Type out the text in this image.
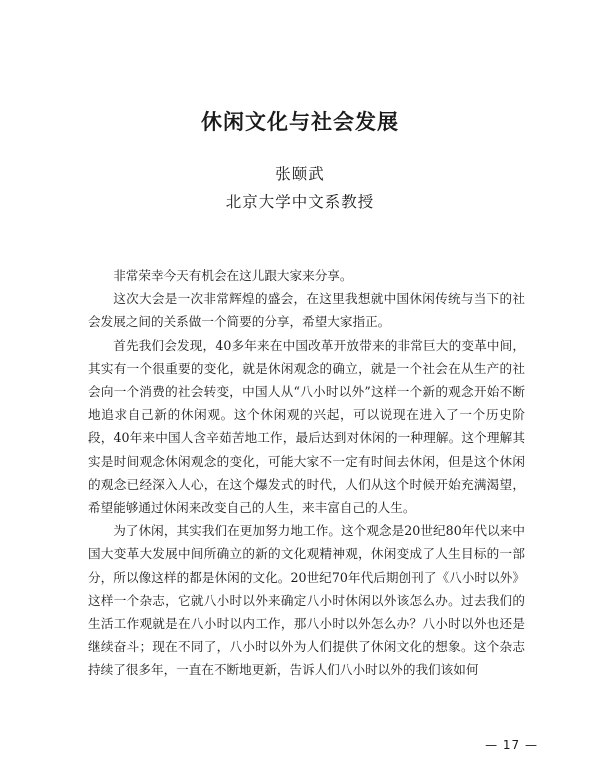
休闲文化与社会发展
张颐武
北京大学中文系教授

非常荣幸今天有机会在这儿跟大家来分享。

这次大会是一次非常辉煌的盛会，在这里我想就中国休闲传统与当下的社会发展之间的关系做一个简要的分享，希望大家指正。

首先我们会发现，40多年来在中国改革开放带来的非常巨大的变革中间，其实有一个很重要的变化，就是休闲观念的确立，就是一个社会在从生产的社会向一个消费的社会转变，中国人从“八小时以外”这样一个新的观念开始不断地追求自己新的休闲观。这个休闲观的兴起，可以说现在进入了一个历史阶段，40年来中国人含辛茹苦地工作，最后达到对休闲的一种理解。这个理解其实是时间观念休闲观念的变化，可能大家不一定有时间去休闲，但是这个休闲的观念已经深入人心，在这个爆发式的时代，人们从这个时候开始充满渴望，希望能够通过休闲来改变自己的人生，来丰富自己的人生。

为了休闲，其实我们在更加努力地工作。这个观念是20世纪80年代以来中国大变革大发展中间所确立的新的文化观精神观，休闲变成了人生目标的一部分，所以像这样的都是休闲的文化。20世纪70年代后期创刊了《八小时以外》这样一个杂志，它就八小时以外来确定八小时休闲以外该怎么办。过去我们的生活工作观就是在八小时以内工作，那八小时以外怎么办？八小时以外也还是继续奋斗；现在不同了，八小时以外为人们提供了休闲文化的想象。这个杂志持续了很多年，一直在不断地更新，告诉人们八小时以外的我们该如何

— 17 —
